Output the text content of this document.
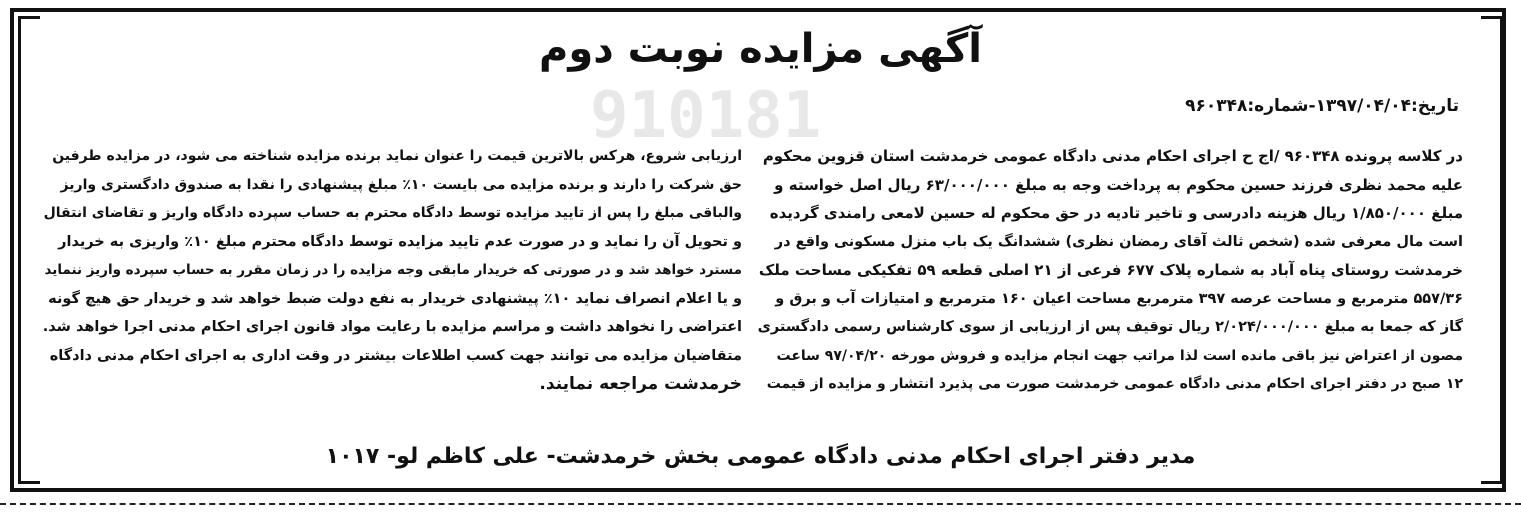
910181
آگهی مزایده نوبت دوم
تاریخ:۱۳۹۷/۰۴/۰۴-شماره:۹۶۰۳۴۸

در کلاسه پرونده ۹۶۰۳۴۸ /اج ح اجرای احکام مدنی دادگاه عمومی خرمدشت استان قزوین محکوم

علیه محمد نظری فرزند حسین محکوم به پرداخت وجه به مبلغ ۶۳/۰۰۰/۰۰۰ ریال اصل خواسته و

مبلغ ۱/۸۵۰/۰۰۰ ریال هزینه دادرسی و تاخیر تادیه در حق محکوم له حسین لامعی رامندی گردیده

است مال معرفی شده (شخص ثالث آقای رمضان نظری) ششدانگ یک باب منزل مسکونی واقع در

خرمدشت روستای پناه آباد به شماره پلاک ۶۷۷ فرعی از ۲۱ اصلی قطعه ۵۹ تفکیکی مساحت ملک

۵۵۷/۳۶ مترمربع و مساحت عرصه ۳۹۷ مترمربع مساحت اعیان ۱۶۰ مترمربع و امتیازات آب و برق و

گاز که جمعا به مبلغ ۲/۰۲۴/۰۰۰/۰۰۰ ریال توقیف پس از ارزیابی از سوی کارشناس رسمی دادگستری

مصون از اعتراض نیز باقی مانده است لذا مراتب جهت انجام مزایده و فروش مورخه ۹۷/۰۴/۲۰ ساعت

۱۲ صبح در دفتر اجرای احکام مدنی دادگاه عمومی خرمدشت صورت می پذیرد انتشار و مزایده از قیمت

ارزیابی شروع، هرکس بالاترین قیمت را عنوان نماید برنده مزایده شناخته می شود، در مزایده طرفین

حق شرکت را دارند و برنده مزایده می بایست ۱۰٪ مبلغ پیشنهادی را نقدا به صندوق دادگستری واریز

والباقی مبلغ را پس از تایید مزایده توسط دادگاه محترم به حساب سپرده دادگاه واریز و تقاضای انتقال

و تحویل آن را نماید و در صورت عدم تایید مزایده توسط دادگاه محترم مبلغ ۱۰٪ واریزی به خریدار

مسترد خواهد شد و در صورتی که خریدار مابقی وجه مزایده را در زمان مقرر به حساب سپرده واریز ننماید

و یا اعلام انصراف نماید ۱۰٪ پیشنهادی خریدار به نفع دولت ضبط خواهد شد و خریدار حق هیچ گونه

اعتراضی را نخواهد داشت و مراسم مزایده با رعایت مواد قانون اجرای احکام مدنی اجرا خواهد شد.

متقاضیان مزایده می توانند جهت کسب اطلاعات بیشتر در وقت اداری به اجرای احکام مدنی دادگاه

خرمدشت مراجعه نمایند.

مدیر دفتر اجرای احکام مدنی دادگاه عمومی بخش خرمدشت- علی کاظم لو- ۱۰۱۷
